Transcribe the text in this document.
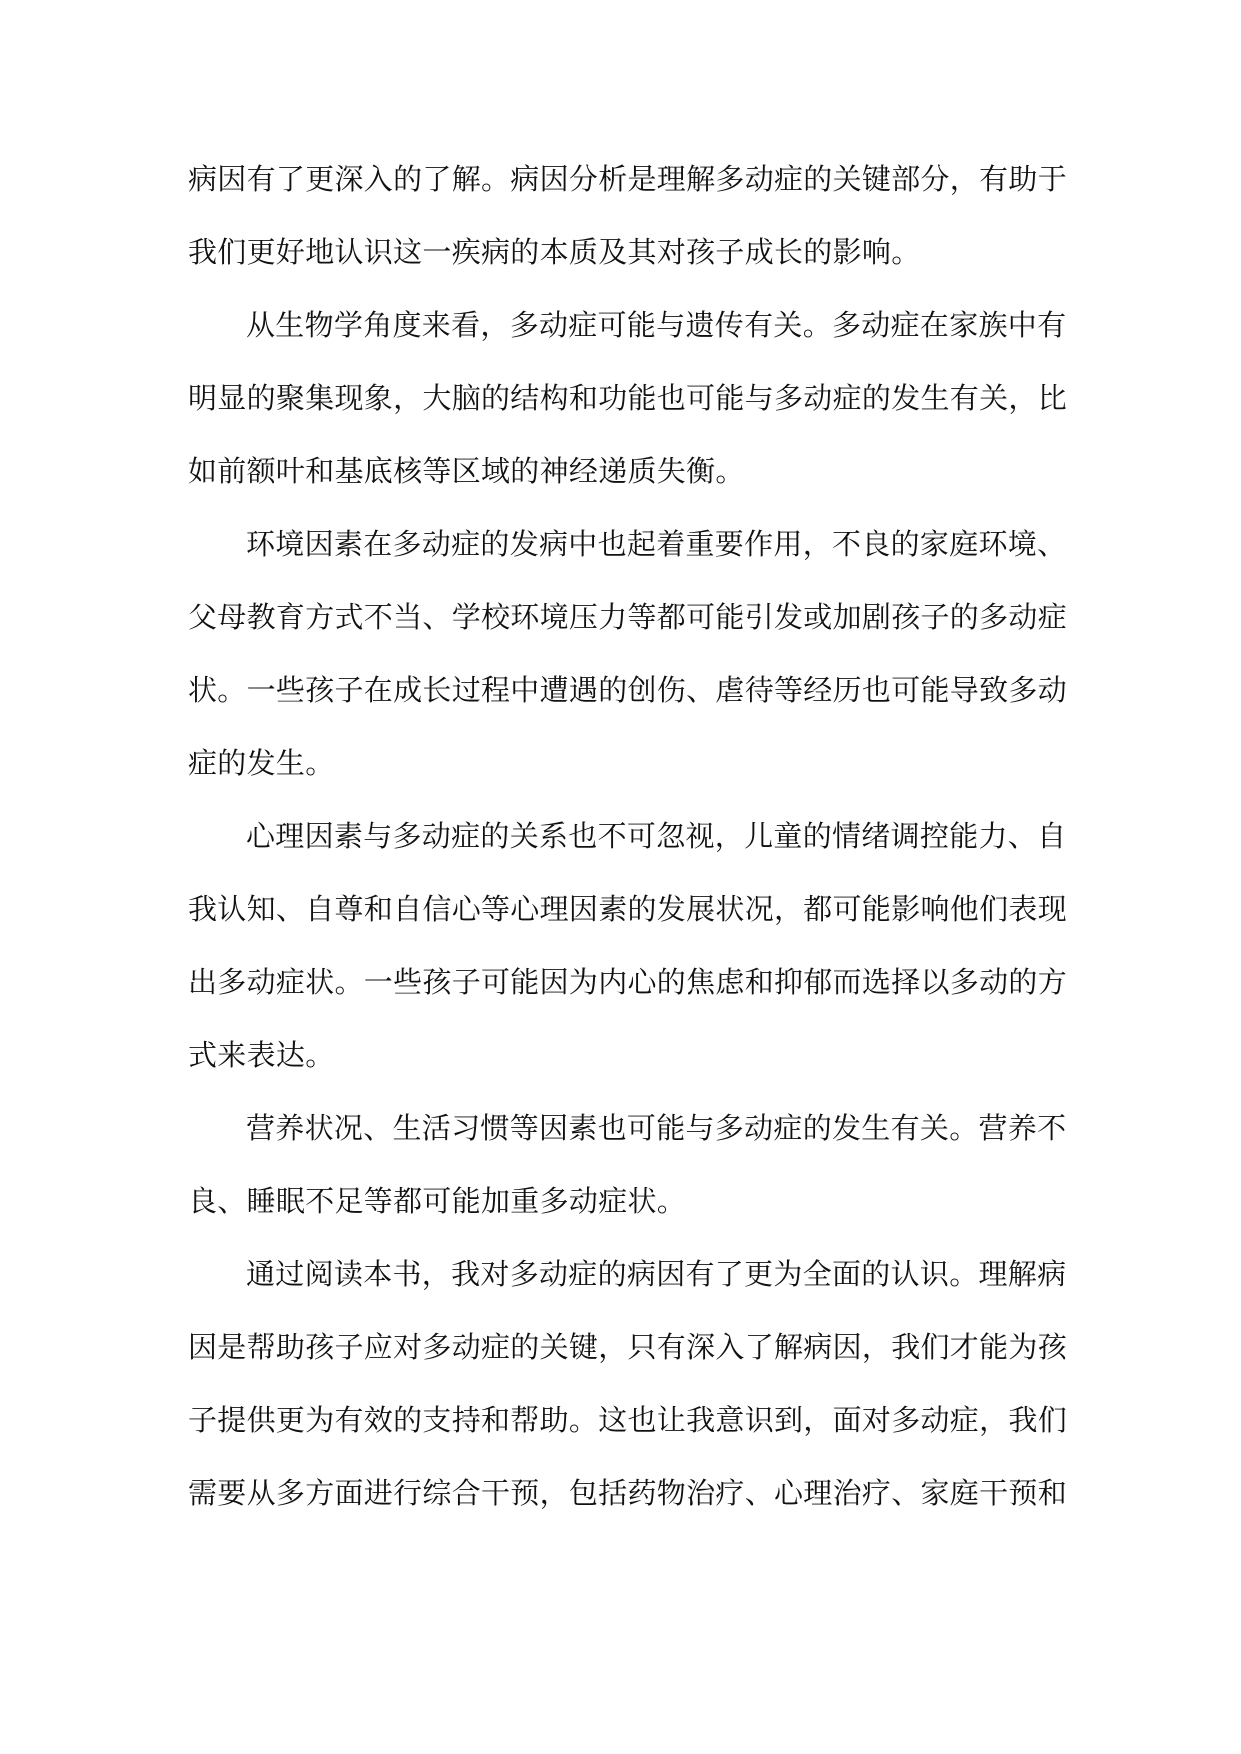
病因有了更深入的了解。病因分析是理解多动症的关键部分，有助于
我们更好地认识这一疾病的本质及其对孩子成长的影响。
从生物学角度来看，多动症可能与遗传有关。多动症在家族中有
明显的聚集现象，大脑的结构和功能也可能与多动症的发生有关，比
如前额叶和基底核等区域的神经递质失衡。
环境因素在多动症的发病中也起着重要作用，不良的家庭环境、
父母教育方式不当、学校环境压力等都可能引发或加剧孩子的多动症
状。一些孩子在成长过程中遭遇的创伤、虐待等经历也可能导致多动
症的发生。
心理因素与多动症的关系也不可忽视，儿童的情绪调控能力、自
我认知、自尊和自信心等心理因素的发展状况，都可能影响他们表现
出多动症状。一些孩子可能因为内心的焦虑和抑郁而选择以多动的方
式来表达。
营养状况、生活习惯等因素也可能与多动症的发生有关。营养不
良、睡眠不足等都可能加重多动症状。
通过阅读本书，我对多动症的病因有了更为全面的认识。理解病
因是帮助孩子应对多动症的关键，只有深入了解病因，我们才能为孩
子提供更为有效的支持和帮助。这也让我意识到，面对多动症，我们
需要从多方面进行综合干预，包括药物治疗、心理治疗、家庭干预和
